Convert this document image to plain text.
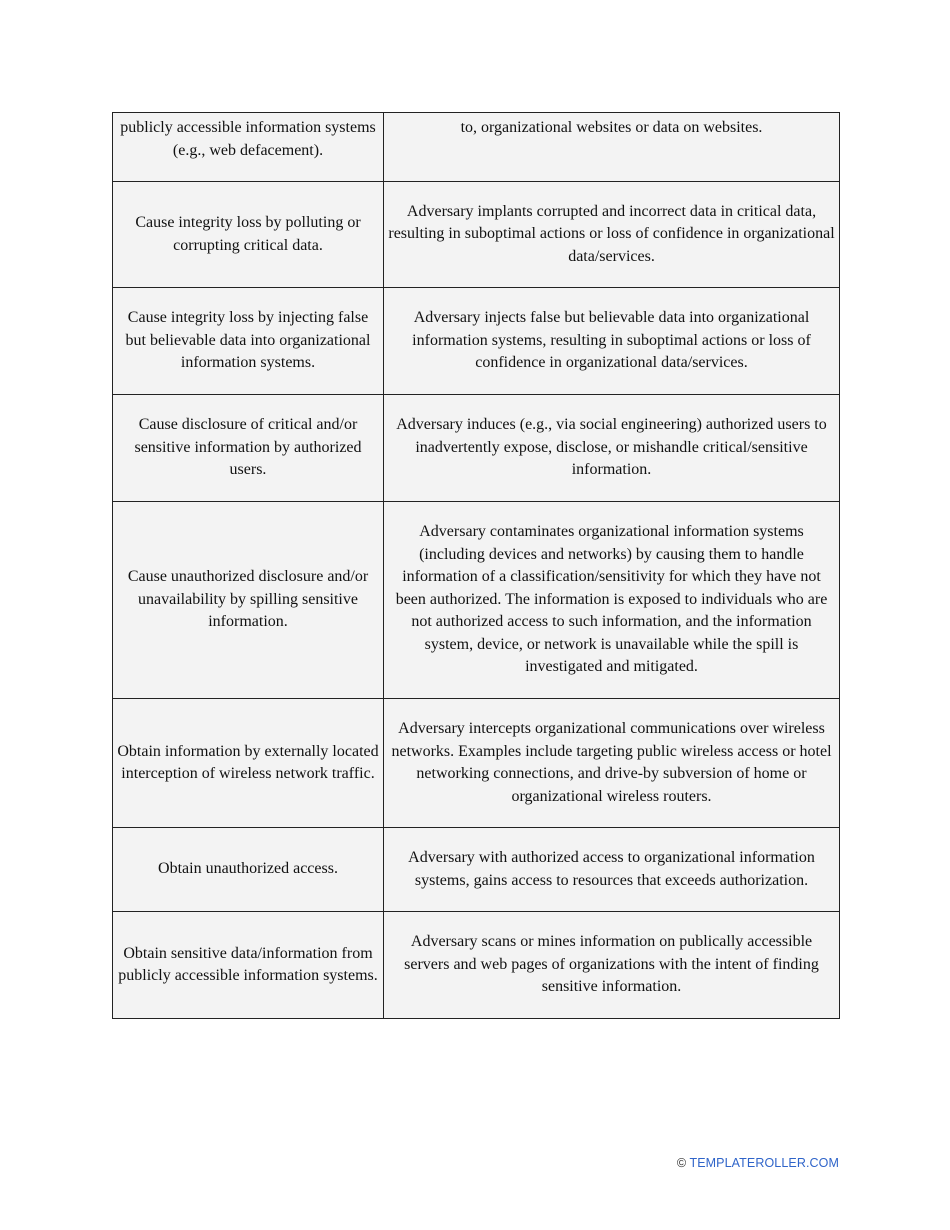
publicly accessible information systems (e.g., web defacement).	to, organizational websites or data on websites.
Cause integrity loss by polluting or corrupting critical data.	Adversary implants corrupted and incorrect data in critical data, resulting in suboptimal actions or loss of confidence in organizational data/services.
Cause integrity loss by injecting false but believable data into organizational information systems.	Adversary injects false but believable data into organizational information systems, resulting in suboptimal actions or loss of confidence in organizational data/services.
Cause disclosure of critical and/or sensitive information by authorized users.	Adversary induces (e.g., via social engineering) authorized users to inadvertently expose, disclose, or mishandle critical/sensitive information.
Cause unauthorized disclosure and/or unavailability by spilling sensitive information.	Adversary contaminates organizational information systems (including devices and networks) by causing them to handle information of a classification/sensitivity for which they have not been authorized. The information is exposed to individuals who are not authorized access to such information, and the information system, device, or network is unavailable while the spill is investigated and mitigated.
Obtain information by externally located interception of wireless network traffic.	Adversary intercepts organizational communications over wireless networks. Examples include targeting public wireless access or hotel networking connections, and drive-by subversion of home or organizational wireless routers.
Obtain unauthorized access.	Adversary with authorized access to organizational information systems, gains access to resources that exceeds authorization.
Obtain sensitive data/information from publicly accessible information systems.	Adversary scans or mines information on publically accessible servers and web pages of organizations with the intent of finding sensitive information.
© TEMPLATEROLLER.COM
